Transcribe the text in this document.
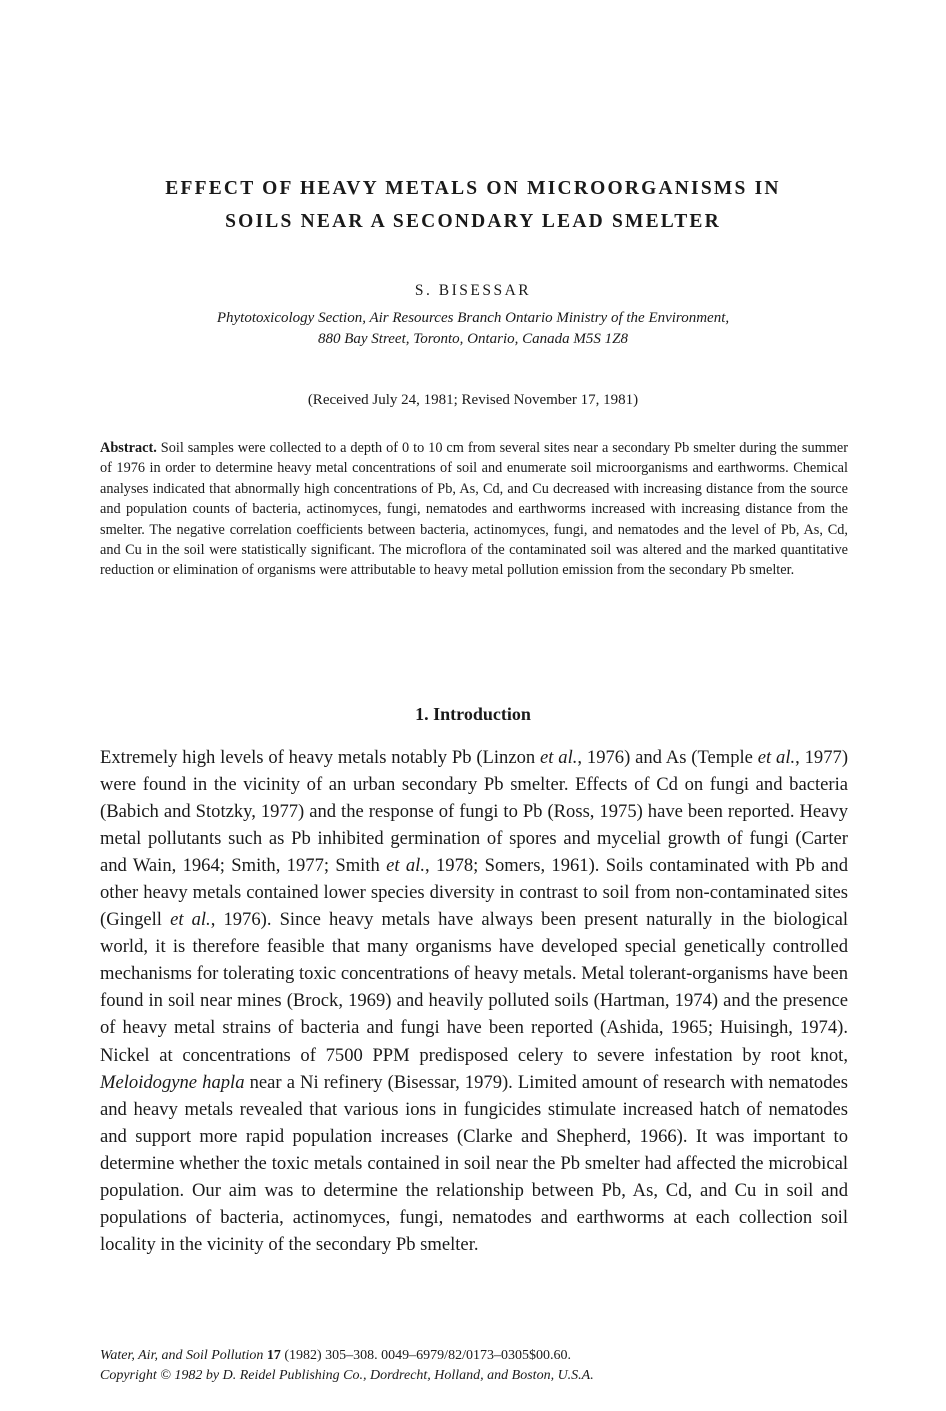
EFFECT OF HEAVY METALS ON MICROORGANISMS IN
SOILS NEAR A SECONDARY LEAD SMELTER
S. BISESSAR
Phytotoxicology Section, Air Resources Branch Ontario Ministry of the Environment,
880 Bay Street, Toronto, Ontario, Canada M5S 1Z8
(Received July 24, 1981; Revised November 17, 1981)
Abstract. Soil samples were collected to a depth of 0 to 10 cm from several sites near a secondary Pb smelter during the summer of 1976 in order to determine heavy metal concentrations of soil and enumerate soil microorganisms and earthworms. Chemical analyses indicated that abnormally high concentrations of Pb, As, Cd, and Cu decreased with increasing distance from the source and population counts of bacteria, actinomyces, fungi, nematodes and earthworms increased with increasing distance from the smelter. The negative correlation coefficients between bacteria, actinomyces, fungi, and nematodes and the level of Pb, As, Cd, and Cu in the soil were statistically significant. The microflora of the contaminated soil was altered and the marked quantitative reduction or elimination of organisms were attributable to heavy metal pollution emission from the secondary Pb smelter.
1. Introduction
Extremely high levels of heavy metals notably Pb (Linzon et al., 1976) and As (Temple et al., 1977) were found in the vicinity of an urban secondary Pb smelter. Effects of Cd on fungi and bacteria (Babich and Stotzky, 1977) and the response of fungi to Pb (Ross, 1975) have been reported. Heavy metal pollutants such as Pb inhibited germination of spores and mycelial growth of fungi (Carter and Wain, 1964; Smith, 1977; Smith et al., 1978; Somers, 1961). Soils contaminated with Pb and other heavy metals contained lower species diversity in contrast to soil from non-contaminated sites (Gingell et al., 1976). Since heavy metals have always been present naturally in the biological world, it is therefore feasible that many organisms have developed special genetically controlled mechanisms for tolerating toxic concentrations of heavy metals. Metal tolerant-organisms have been found in soil near mines (Brock, 1969) and heavily polluted soils (Hartman, 1974) and the presence of heavy metal strains of bacteria and fungi have been reported (Ashida, 1965; Huisingh, 1974). Nickel at concentrations of 7500 PPM predisposed celery to severe infestation by root knot, Meloidogyne hapla near a Ni refinery (Bisessar, 1979). Limited amount of research with nematodes and heavy metals revealed that various ions in fungicides stimulate increased hatch of nematodes and support more rapid population increases (Clarke and Shepherd, 1966). It was important to determine whether the toxic metals contained in soil near the Pb smelter had affected the microbical population. Our aim was to determine the relationship between Pb, As, Cd, and Cu in soil and populations of bacteria, actinomyces, fungi, nematodes and earthworms at each collection soil locality in the vicinity of the secondary Pb smelter.
Water, Air, and Soil Pollution 17 (1982) 305–308. 0049–6979/82/0173–0305$00.60.
Copyright © 1982 by D. Reidel Publishing Co., Dordrecht, Holland, and Boston, U.S.A.
